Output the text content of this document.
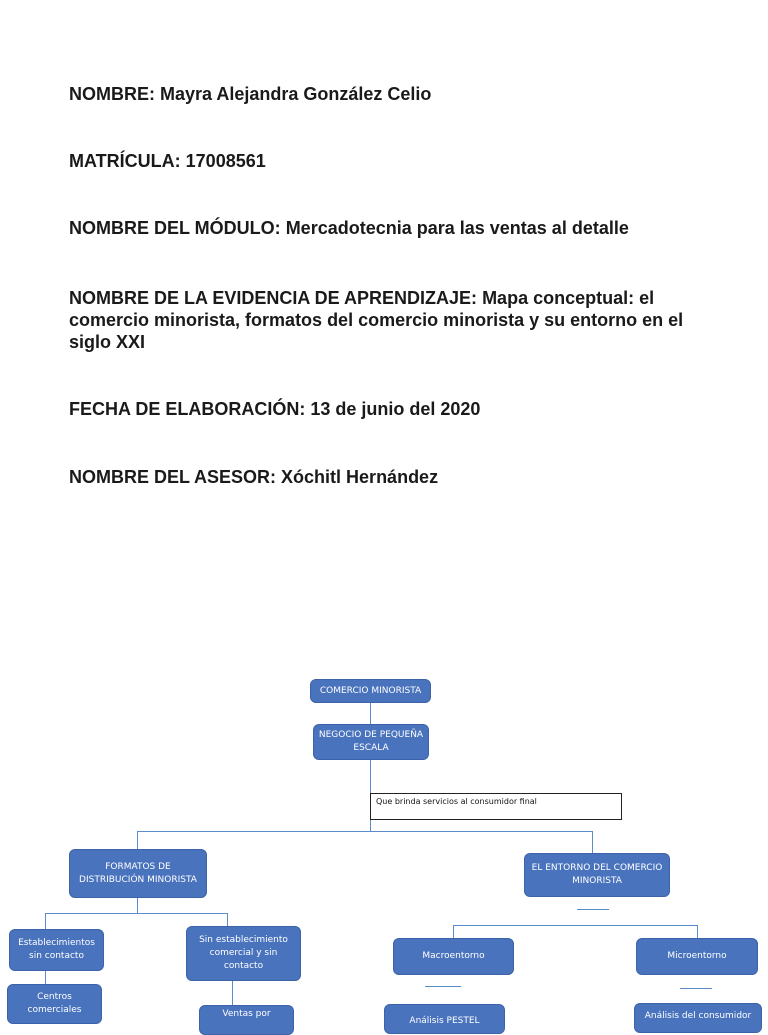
NOMBRE: Mayra Alejandra González Celio

MATRÍCULA: 17008561

NOMBRE DEL MÓDULO: Mercadotecnia para las ventas al detalle

NOMBRE DE LA EVIDENCIA DE APRENDIZAJE: Mapa conceptual: el comercio minorista, formatos del comercio minorista y su entorno en el siglo XXI

FECHA DE ELABORACIÓN: 13 de junio del 2020

NOMBRE DEL ASESOR: Xóchitl Hernández

COMERCIO MINORISTA
NEGOCIO DE PEQUEÑA ESCALA
Que brinda servicios al consumidor final
FORMATOS DE DISTRIBUCIÓN MINORISTA
EL ENTORNO DEL COMERCIO MINORISTA
Establecimientos sin contacto
Sin establecimiento comercial y sin contacto
Centros comerciales	Ventas por
Macroentorno	Microentorno
Análisis PESTEL	Análisis del consumidor
